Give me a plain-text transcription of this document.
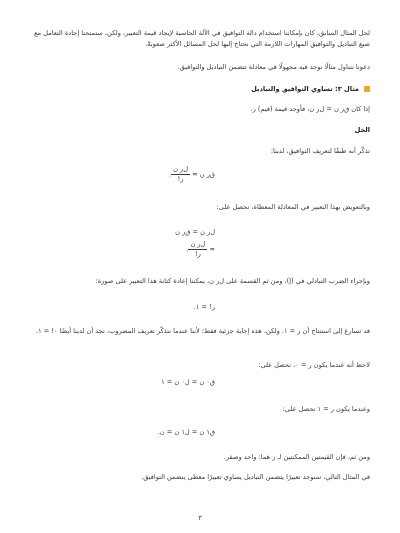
لحل المثال السابق، كان بإمكاننا استخدام دالة التوافيق في الآلة الحاسبة لإيجاد قيمة التعبير، ولكن، ستمنحنا إجادة التعامل مع صيغ التباديل والتوافيق المهارات اللازمة التي نحتاج إليها لحل المسائل الأكثر صعوبةً.

دعونا نتناول مثالًا نوجد فيه مجهولًا في معادلة تتضمن التباديل والتوافيق.

مثال ٣: تساوي التوافيق والتباديل

إذا كان ق‌ر ن = ل‌ر ن، فأوجد قيمة (قيم) ر.

الحل

تذكّر أنه طبقًا لتعريف التوافيق، لدينا:

ق‌ر ن =
$\frac{\text{ل‌ر ن}}{\text{ر!}}$
.

وبالتعويض بهذا التعبير في المعادلة المعطاة، نحصل على:

ل‌ر ن = ق‌ر ن
=
$\frac{\text{ل‌ر ن}}{\text{ر!}}$
.

وبإجراء الضرب التبادلي في (إ)، ومن ثم القسمة على ل‌ر ن، يمكننا إعادة كتابة هذا التعبير على صورة:

ر! = ١.

قد تسارع إلى استنتاج أن ر = ١. ولكن، هذه إجابة جزئية فقط؛ لأننا عندما نتذكّر تعريف المضروب، نجد أن لدينا أيضًا ٠! = ١.

لاحظ أنه عندما يكون ر = ٠، نحصل على:

ق٠ ن = ل٠ ن = ١

وعندما يكون ر = ١ نحصل على:

ق١ ن = ل١ ن = ن.

ومن ثم، فإن القيمتين الممكنتين لـ ر هما: واحد وصفر.

في المثال التالي، سنوجد تعبيرًا يتضمن التباديل يساوي تعبيرًا معطى يتضمن التوافيق.

٣
